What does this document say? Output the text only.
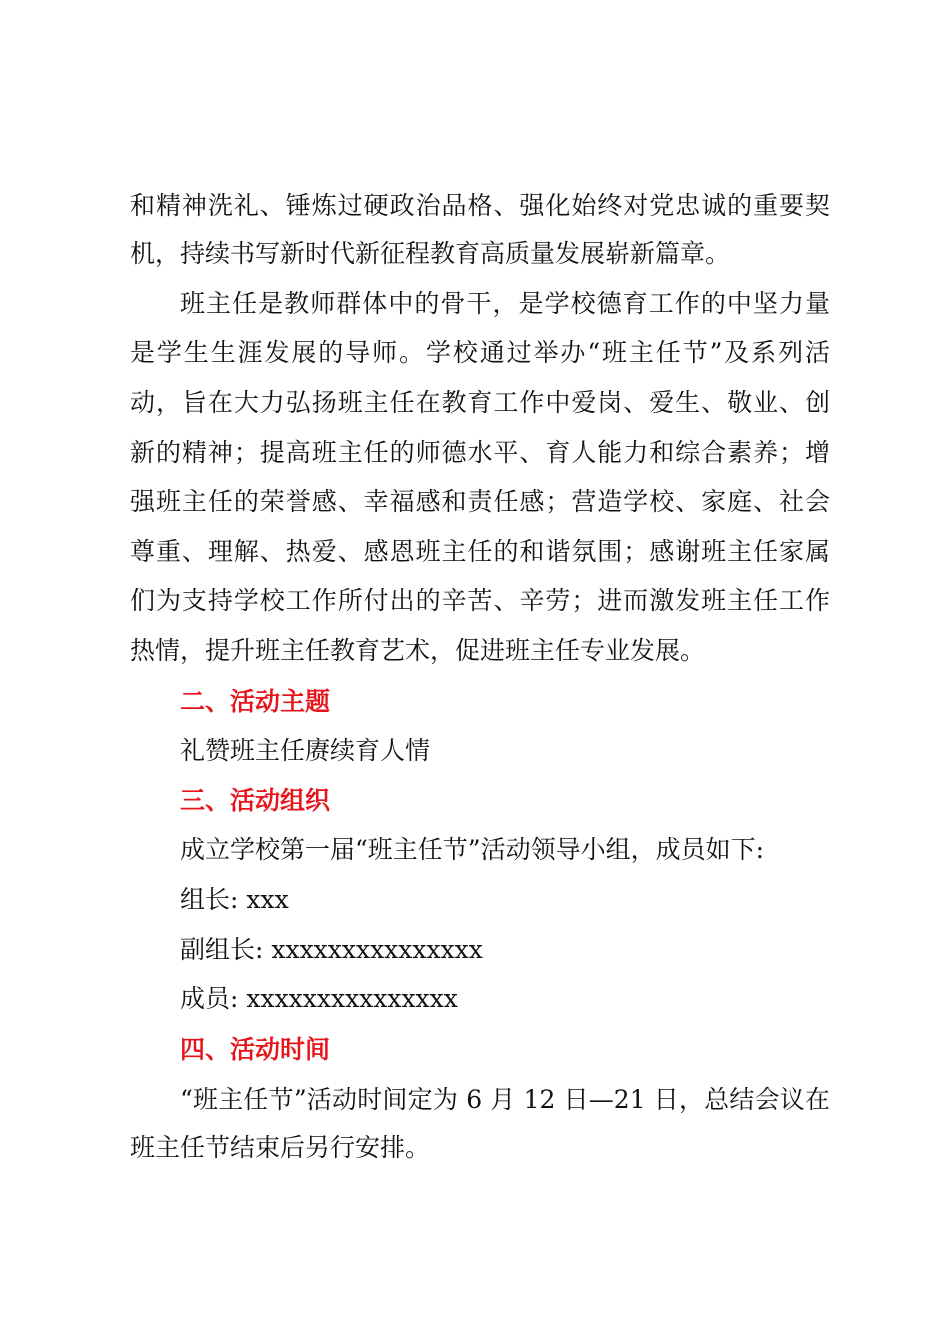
和精神洗礼、锤炼过硬政治品格、强化始终对党忠诚的重要契
机，持续书写新时代新征程教育高质量发展崭新篇章。
班主任是教师群体中的骨干，是学校德育工作的中坚力量
是学生生涯发展的导师。学校通过举办“班主任节”及系列活
动，旨在大力弘扬班主任在教育工作中爱岗、爱生、敬业、创
新的精神；提高班主任的师德水平、育人能力和综合素养；增
强班主任的荣誉感、幸福感和责任感；营造学校、家庭、社会
尊重、理解、热爱、感恩班主任的和谐氛围；感谢班主任家属
们为支持学校工作所付出的辛苦、辛劳；进而激发班主任工作
热情，提升班主任教育艺术，促进班主任专业发展。
二、活动主题
礼赞班主任赓续育人情
三、活动组织
成立学校第一届“班主任节”活动领导小组，成员如下:
组长: xxx
副组长: xxxxxxxxxxxxxxx
成员: xxxxxxxxxxxxxxx
四、活动时间
“班主任节”活动时间定为 6 月 12 日—21 日，总结会议在
班主任节结束后另行安排。
